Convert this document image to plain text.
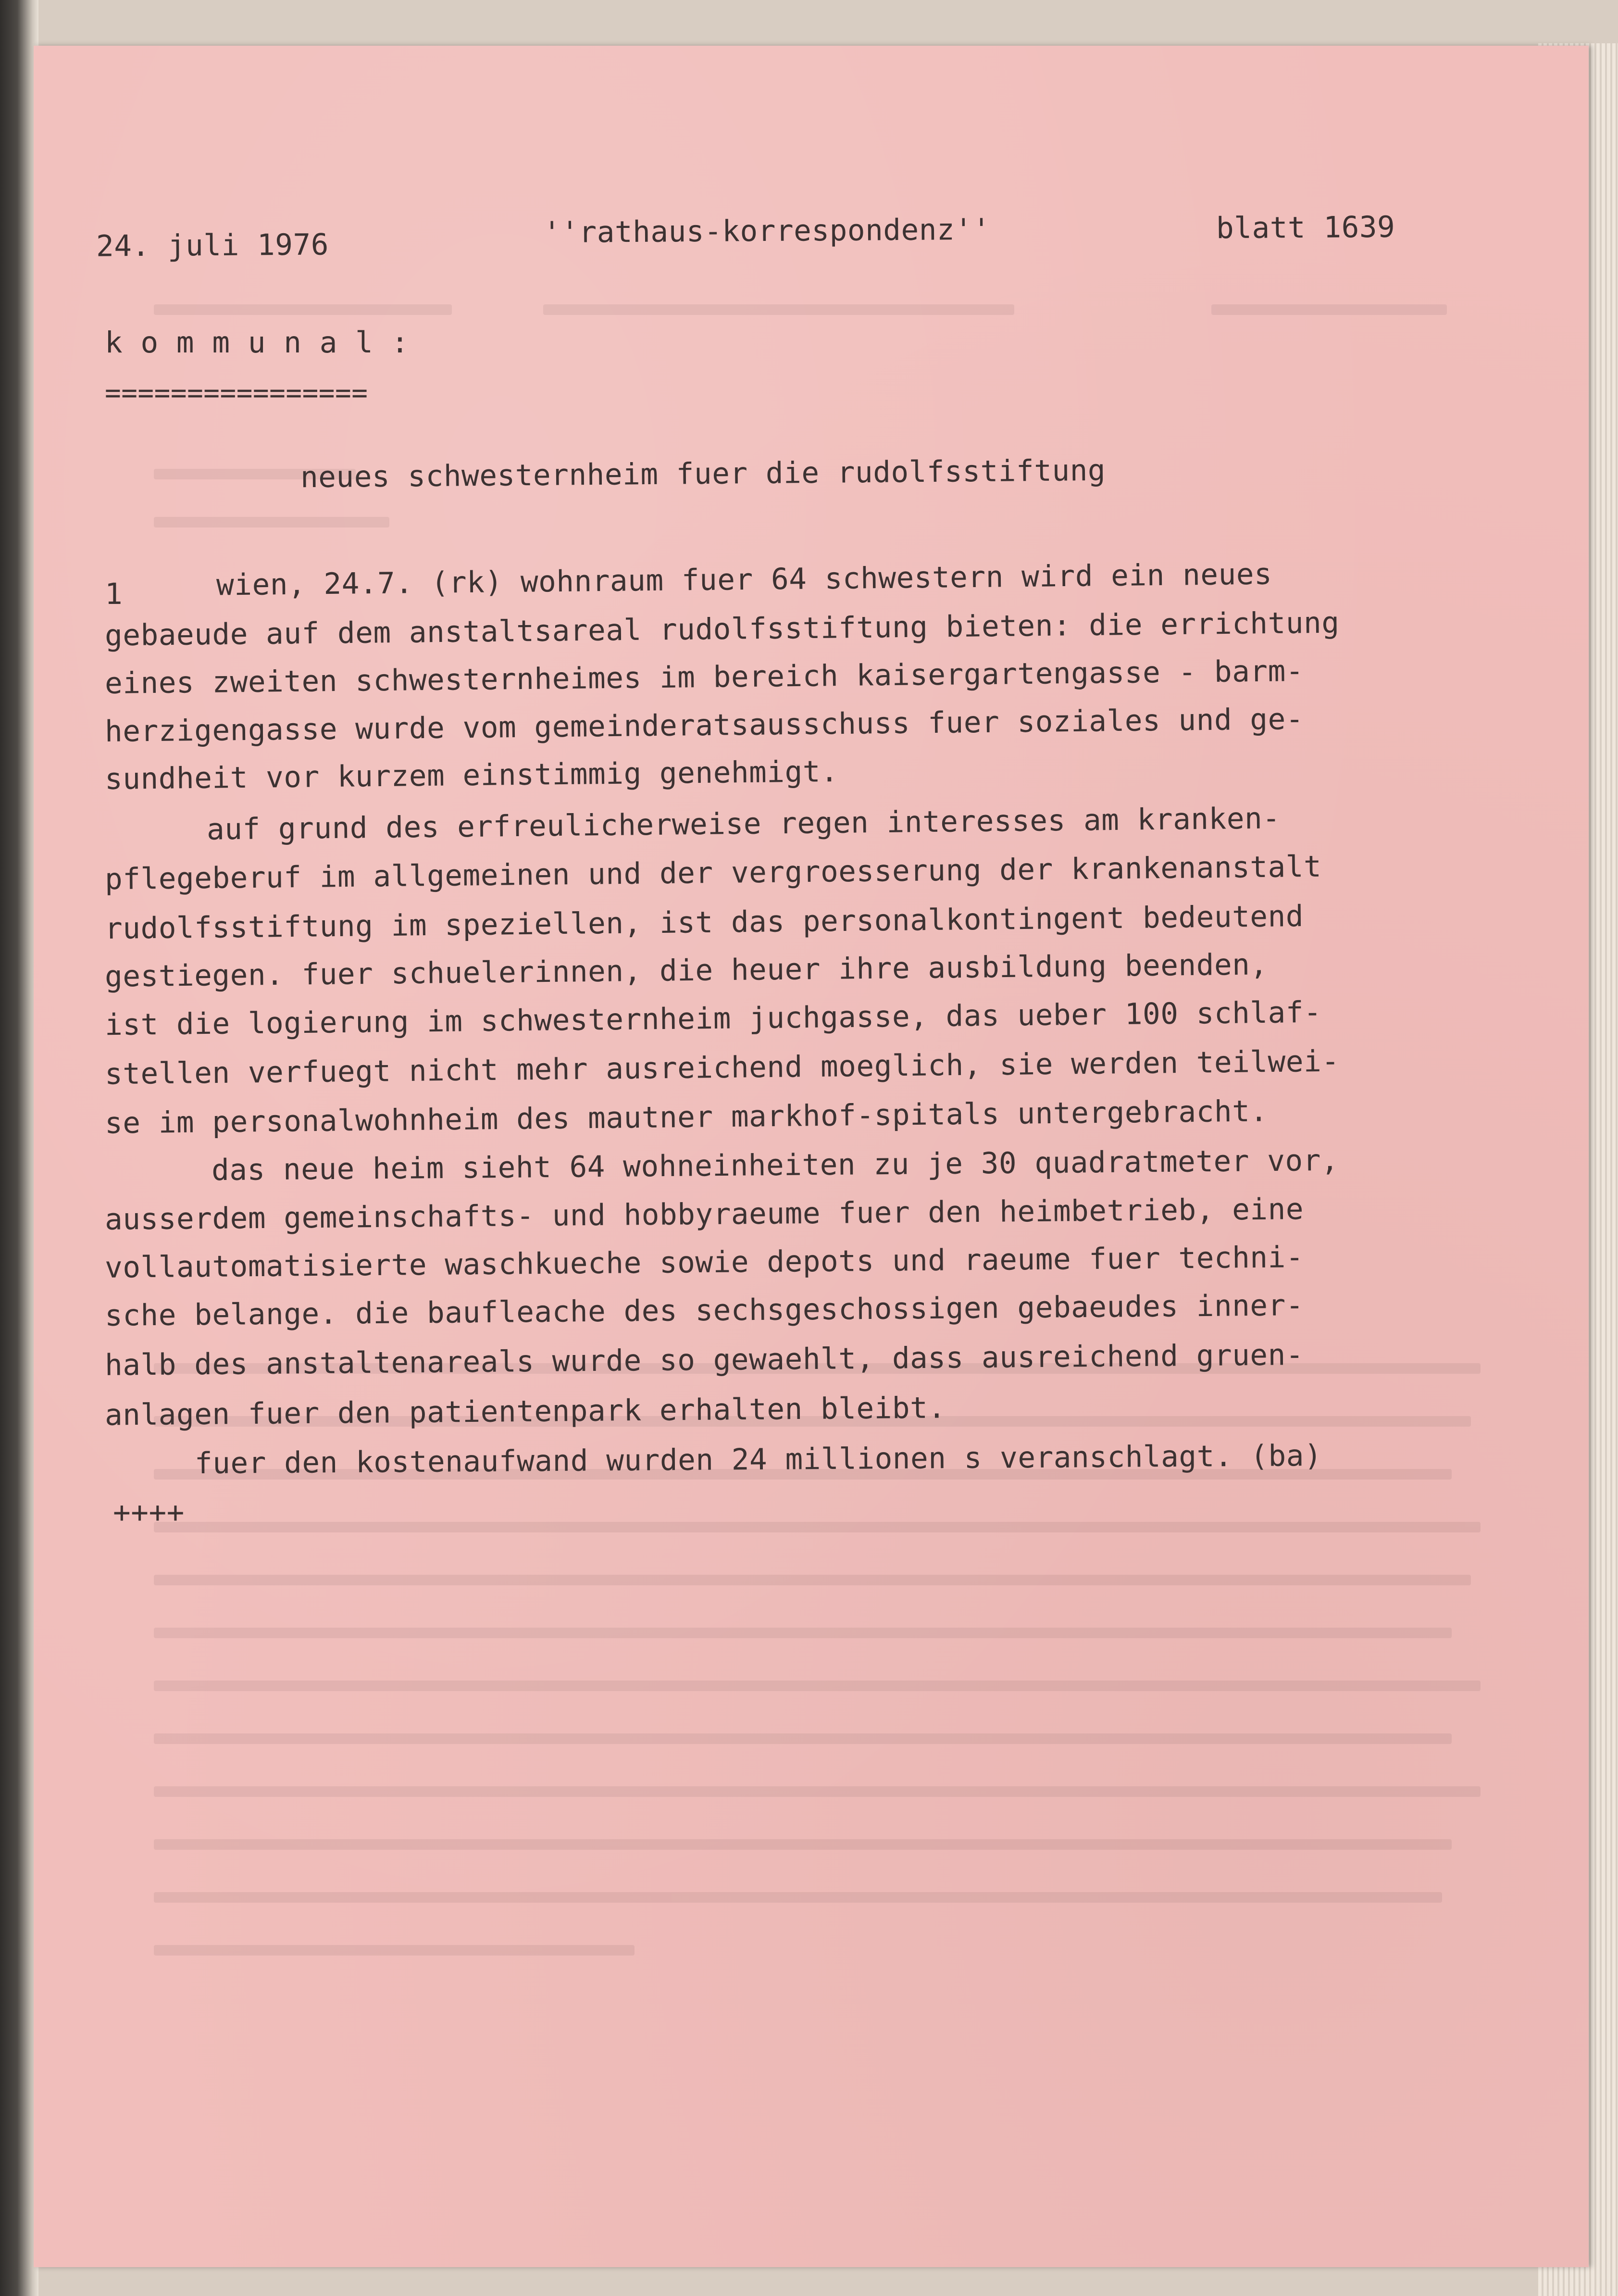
24. juli 1976	''rathaus-korrespondenz''	blatt 1639

k o m m u n a l :

================

neues schwesternheim fuer die rudolfsstiftung

1	wien, 24.7. (rk) wohnraum fuer 64 schwestern wird ein neues

gebaeude auf dem anstaltsareal rudolfsstiftung bieten: die errichtung

eines zweiten schwesternheimes im bereich kaisergartengasse - barm-

herzigengasse wurde vom gemeinderatsausschuss fuer soziales und ge-

sundheit vor kurzem einstimmig genehmigt.

auf grund des erfreulicherweise regen interesses am kranken-

pflegeberuf im allgemeinen und der vergroesserung der krankenanstalt

rudolfsstiftung im speziellen, ist das personalkontingent bedeutend

gestiegen. fuer schuelerinnen, die heuer ihre ausbildung beenden,

ist die logierung im schwesternheim juchgasse, das ueber 100 schlaf-

stellen verfuegt nicht mehr ausreichend moeglich, sie werden teilwei-

se im personalwohnheim des mautner markhof-spitals untergebracht.

das neue heim sieht 64 wohneinheiten zu je 30 quadratmeter vor,

ausserdem gemeinschafts- und hobbyraeume fuer den heimbetrieb, eine

vollautomatisierte waschkueche sowie depots und raeume fuer techni-

sche belange. die baufleache des sechsgeschossigen gebaeudes inner-

halb des anstaltenareals wurde so gewaehlt, dass ausreichend gruen-

anlagen fuer den patientenpark erhalten bleibt.

fuer den kostenaufwand wurden 24 millionen s veranschlagt. (ba)

++++
